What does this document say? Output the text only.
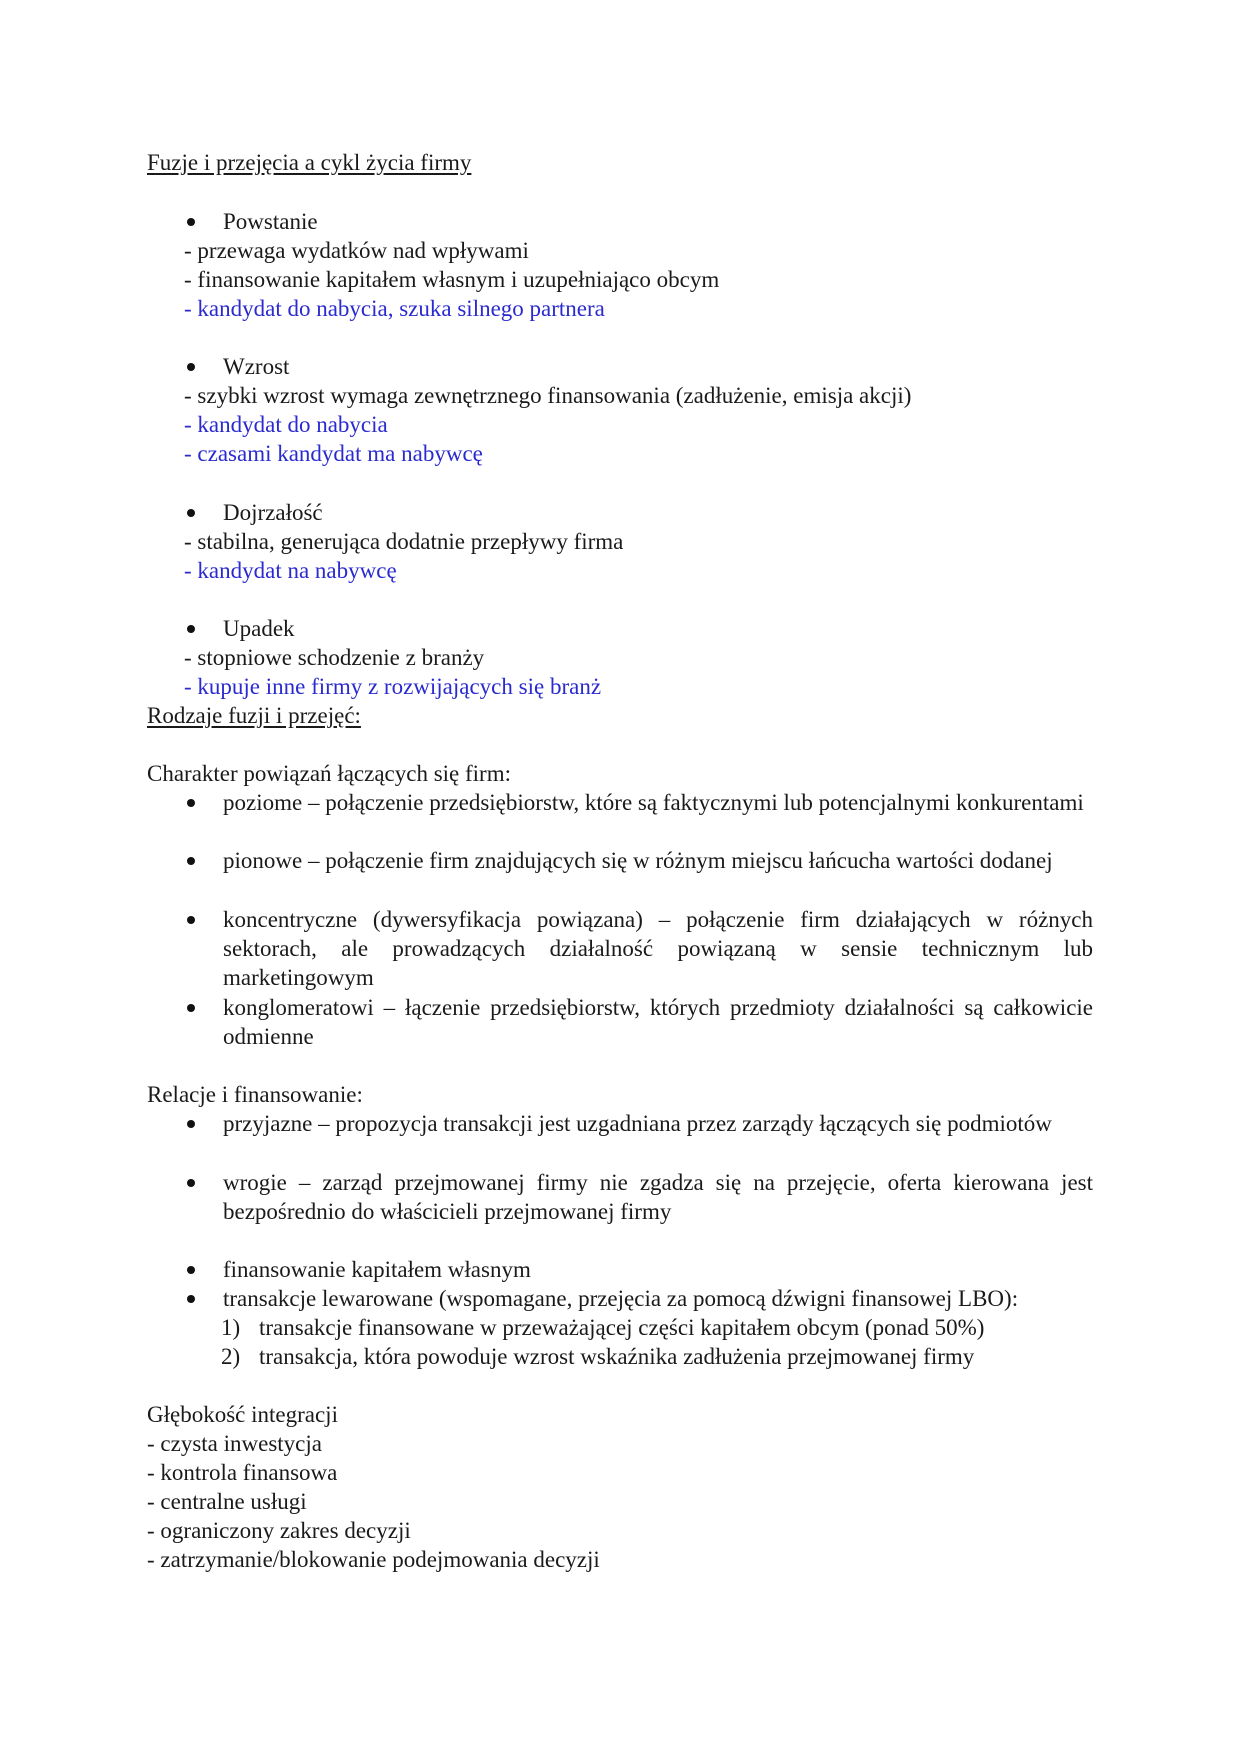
Fuzje i przejęcia a cykl życia firmy
Powstanie
- przewaga wydatków nad wpływami
- finansowanie kapitałem własnym i uzupełniająco obcym
- kandydat do nabycia, szuka silnego partnera
Wzrost
- szybki wzrost wymaga zewnętrznego finansowania (zadłużenie, emisja akcji)
- kandydat do nabycia
- czasami kandydat ma nabywcę
Dojrzałość
- stabilna, generująca dodatnie przepływy firma
- kandydat na nabywcę
Upadek
- stopniowe schodzenie z branży
- kupuje inne firmy z rozwijających się branż
Rodzaje fuzji i przejęć:
Charakter powiązań łączących się firm:
poziome – połączenie przedsiębiorstw, które są faktycznymi lub potencjalnymi konkurentami
pionowe – połączenie firm znajdujących się w różnym miejscu łańcucha wartości dodanej
koncentryczne (dywersyfikacja powiązana) – połączenie firm działających w różnych sektorach, ale prowadzących działalność powiązaną w sensie technicznym lub marketingowym
konglomeratowi – łączenie przedsiębiorstw, których przedmioty działalności są całkowicie odmienne
Relacje i finansowanie:
przyjazne – propozycja transakcji jest uzgadniana przez zarządy łączących się podmiotów
wrogie – zarząd przejmowanej firmy nie zgadza się na przejęcie, oferta kierowana jest bezpośrednio do właścicieli przejmowanej firmy
finansowanie kapitałem własnym
transakcje lewarowane (wspomagane, przejęcia za pomocą dźwigni finansowej LBO):
1) transakcje finansowane w przeważającej części kapitałem obcym (ponad 50%)
2) transakcja, która powoduje wzrost wskaźnika zadłużenia przejmowanej firmy
Głębokość integracji
- czysta inwestycja
- kontrola finansowa
- centralne usługi
- ograniczony zakres decyzji
- zatrzymanie/blokowanie podejmowania decyzji
